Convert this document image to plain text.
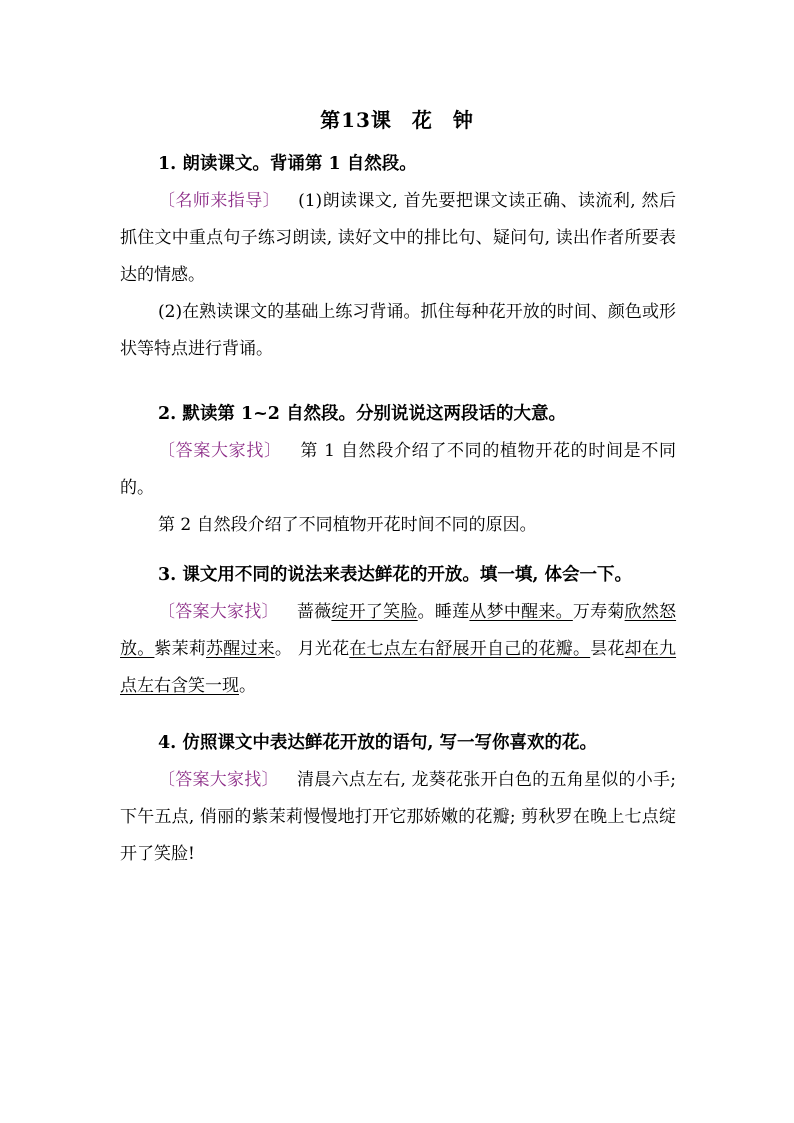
第13课 花 钟
1. 朗读课文。背诵第 1 自然段。
〔名师来指导〕 (1)朗读课文, 首先要把课文读正确、读流利, 然后抓住文中重点句子练习朗读, 读好文中的排比句、疑问句, 读出作者所要表达的情感。
(2)在熟读课文的基础上练习背诵。抓住每种花开放的时间、颜色或形状等特点进行背诵。
2. 默读第 1~2 自然段。分别说说这两段话的大意。
〔答案大家找〕 第 1 自然段介绍了不同的植物开花的时间是不同的。
第 2 自然段介绍了不同植物开花时间不同的原因。
3. 课文用不同的说法来表达鲜花的开放。填一填, 体会一下。
〔答案大家找〕 蔷薇绽开了笑脸。睡莲从梦中醒来。万寿菊欣然怒放。紫茉莉苏醒过来。 月光花在七点左右舒展开自己的花瓣。昙花却在九点左右含笑一现。
4. 仿照课文中表达鲜花开放的语句, 写一写你喜欢的花。
〔答案大家找〕 清晨六点左右, 龙葵花张开白色的五角星似的小手; 下午五点, 俏丽的紫茉莉慢慢地打开它那娇嫩的花瓣; 剪秋罗在晚上七点绽开了笑脸!
